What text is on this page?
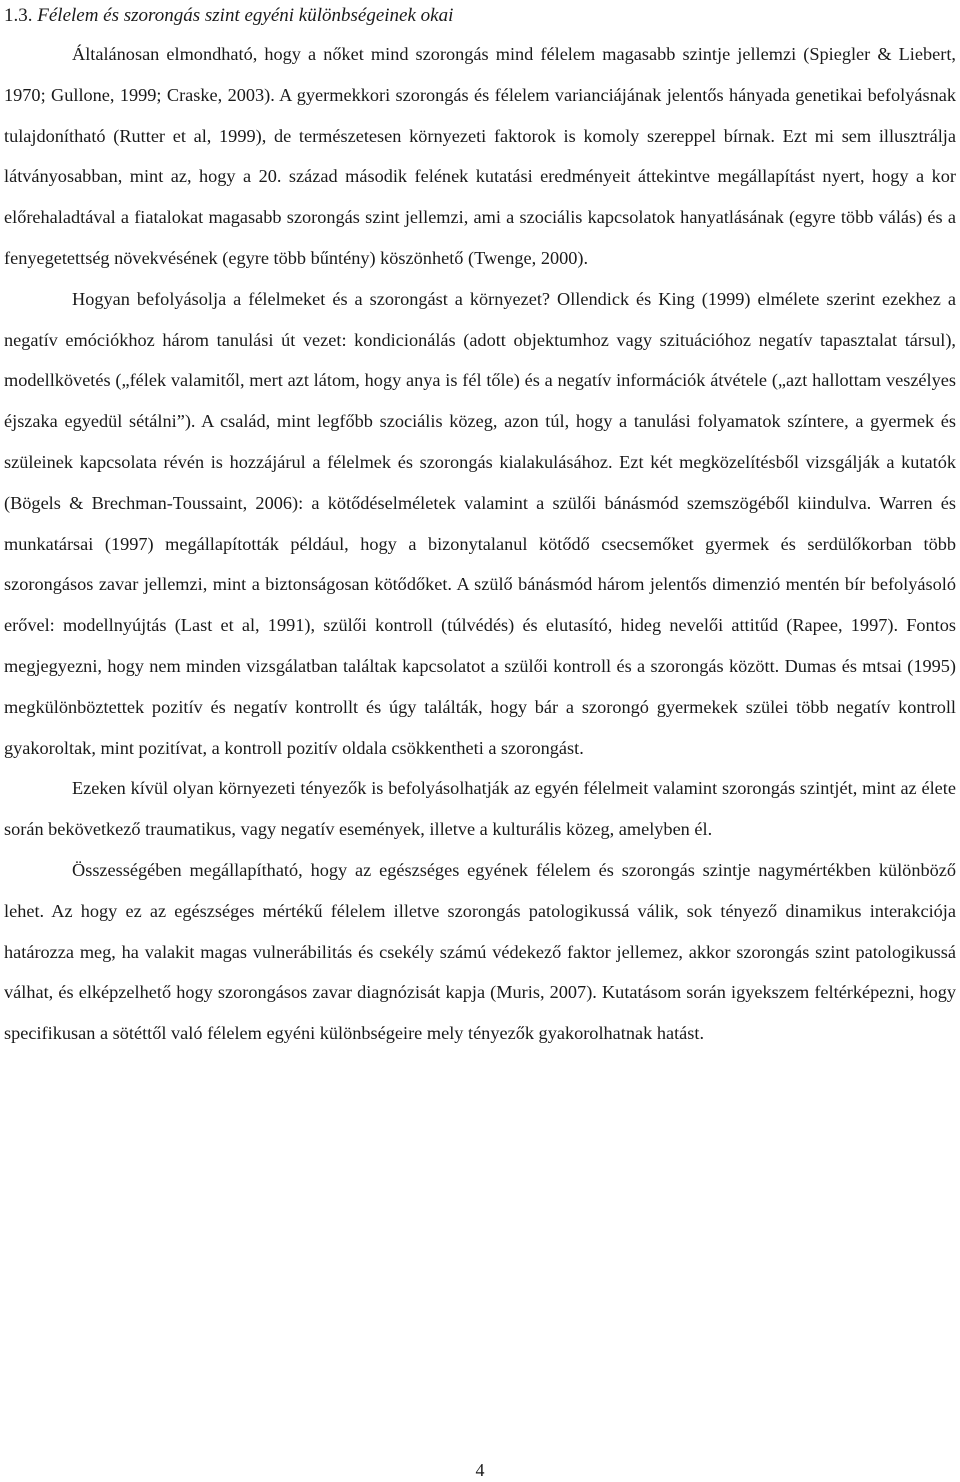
1.3. Félelem és szorongás szint egyéni különbségeinek okai

Általánosan elmondható, hogy a nőket mind szorongás mind félelem magasabb szintje jellemzi (Spiegler & Liebert, 1970; Gullone, 1999; Craske, 2003). A gyermekkori szorongás és félelem varianciájának jelentős hányada genetikai befolyásnak tulajdonítható (Rutter et al, 1999), de természetesen környezeti faktorok is komoly szereppel bírnak. Ezt mi sem illusztrálja látványosabban, mint az, hogy a 20. század második felének kutatási eredményeit áttekintve megállapítást nyert, hogy a kor előrehaladtával a fiatalokat magasabb szorongás szint jellemzi, ami a szociális kapcsolatok hanyatlásának (egyre több válás) és a fenyegetettség növekvésének (egyre több bűntény) köszönhető (Twenge, 2000).

Hogyan befolyásolja a félelmeket és a szorongást a környezet? Ollendick és King (1999) elmélete szerint ezekhez a negatív emóciókhoz három tanulási út vezet: kondicionálás (adott objektumhoz vagy szituációhoz negatív tapasztalat társul), modellkövetés („félek valamitől, mert azt látom, hogy anya is fél tőle) és a negatív információk átvétele („azt hallottam veszélyes éjszaka egyedül sétálni”). A család, mint legfőbb szociális közeg, azon túl, hogy a tanulási folyamatok színtere, a gyermek és szüleinek kapcsolata révén is hozzájárul a félelmek és szorongás kialakulásához. Ezt két megközelítésből vizsgálják a kutatók (Bögels & Brechman-Toussaint, 2006): a kötődéselméletek valamint a szülői bánásmód szemszögéből kiindulva. Warren és munkatársai (1997) megállapították például, hogy a bizonytalanul kötődő csecsemőket gyermek és serdülőkorban több szorongásos zavar jellemzi, mint a biztonságosan kötődőket. A szülő bánásmód három jelentős dimenzió mentén bír befolyásoló erővel: modellnyújtás (Last et al, 1991), szülői kontroll (túlvédés) és elutasító, hideg nevelői attitűd (Rapee, 1997). Fontos megjegyezni, hogy nem minden vizsgálatban találtak kapcsolatot a szülői kontroll és a szorongás között. Dumas és mtsai (1995) megkülönböztettek pozitív és negatív kontrollt és úgy találták, hogy bár a szorongó gyermekek szülei több negatív kontroll gyakoroltak, mint pozitívat, a kontroll pozitív oldala csökkentheti a szorongást.

Ezeken kívül olyan környezeti tényezők is befolyásolhatják az egyén félelmeit valamint szorongás szintjét, mint az élete során bekövetkező traumatikus, vagy negatív események, illetve a kulturális közeg, amelyben él.

Összességében megállapítható, hogy az egészséges egyének félelem és szorongás szintje nagymértékben különböző lehet. Az hogy ez az egészséges mértékű félelem illetve szorongás patologikussá válik, sok tényező dinamikus interakciója határozza meg, ha valakit magas vulnerábilitás és csekély számú védekező faktor jellemez, akkor szorongás szint patologikussá válhat, és elképzelhető hogy szorongásos zavar diagnózisát kapja (Muris, 2007). Kutatásom során igyekszem feltérképezni, hogy specifikusan a sötéttől való félelem egyéni különbségeire mely tényezők gyakorolhatnak hatást.

4
